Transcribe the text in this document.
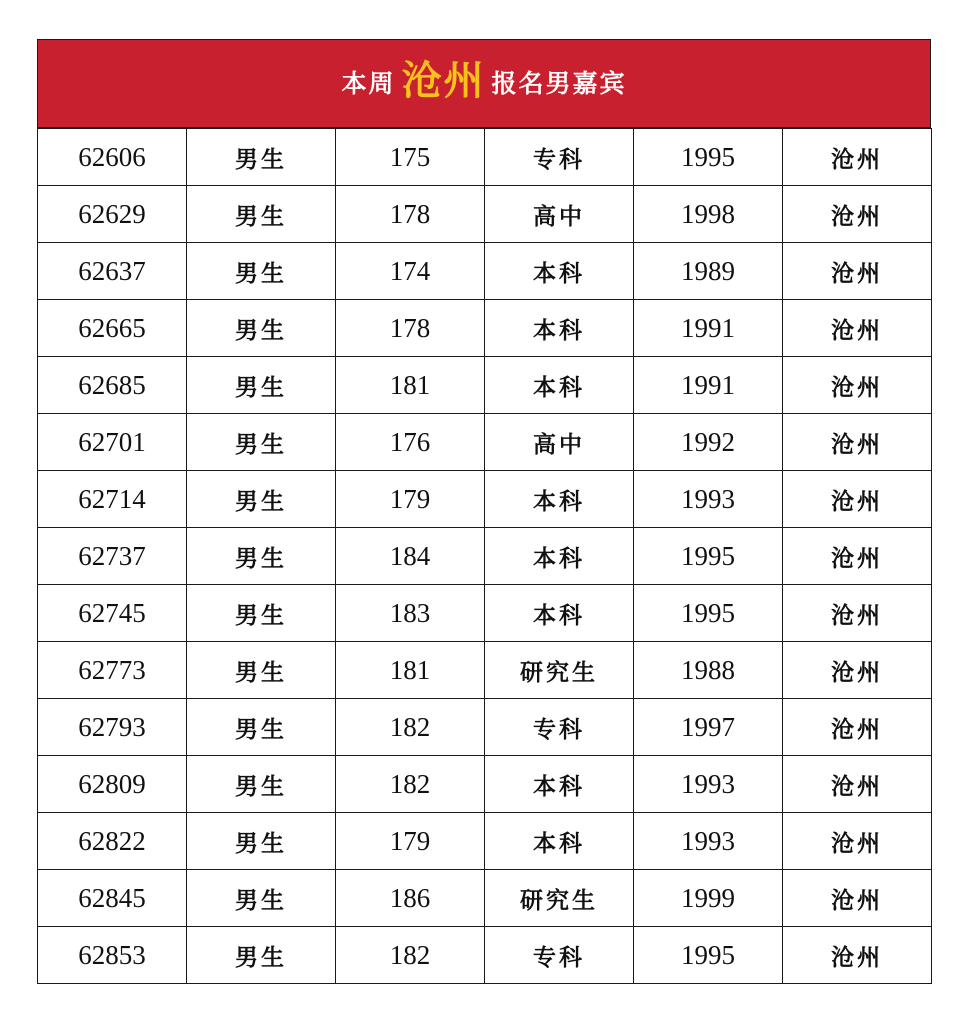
本周 沧州 报名男嘉宾
62606	男生	175	专科	1995	沧州
62629	男生	178	高中	1998	沧州
62637	男生	174	本科	1989	沧州
62665	男生	178	本科	1991	沧州
62685	男生	181	本科	1991	沧州
62701	男生	176	高中	1992	沧州
62714	男生	179	本科	1993	沧州
62737	男生	184	本科	1995	沧州
62745	男生	183	本科	1995	沧州
62773	男生	181	研究生	1988	沧州
62793	男生	182	专科	1997	沧州
62809	男生	182	本科	1993	沧州
62822	男生	179	本科	1993	沧州
62845	男生	186	研究生	1999	沧州
62853	男生	182	专科	1995	沧州
